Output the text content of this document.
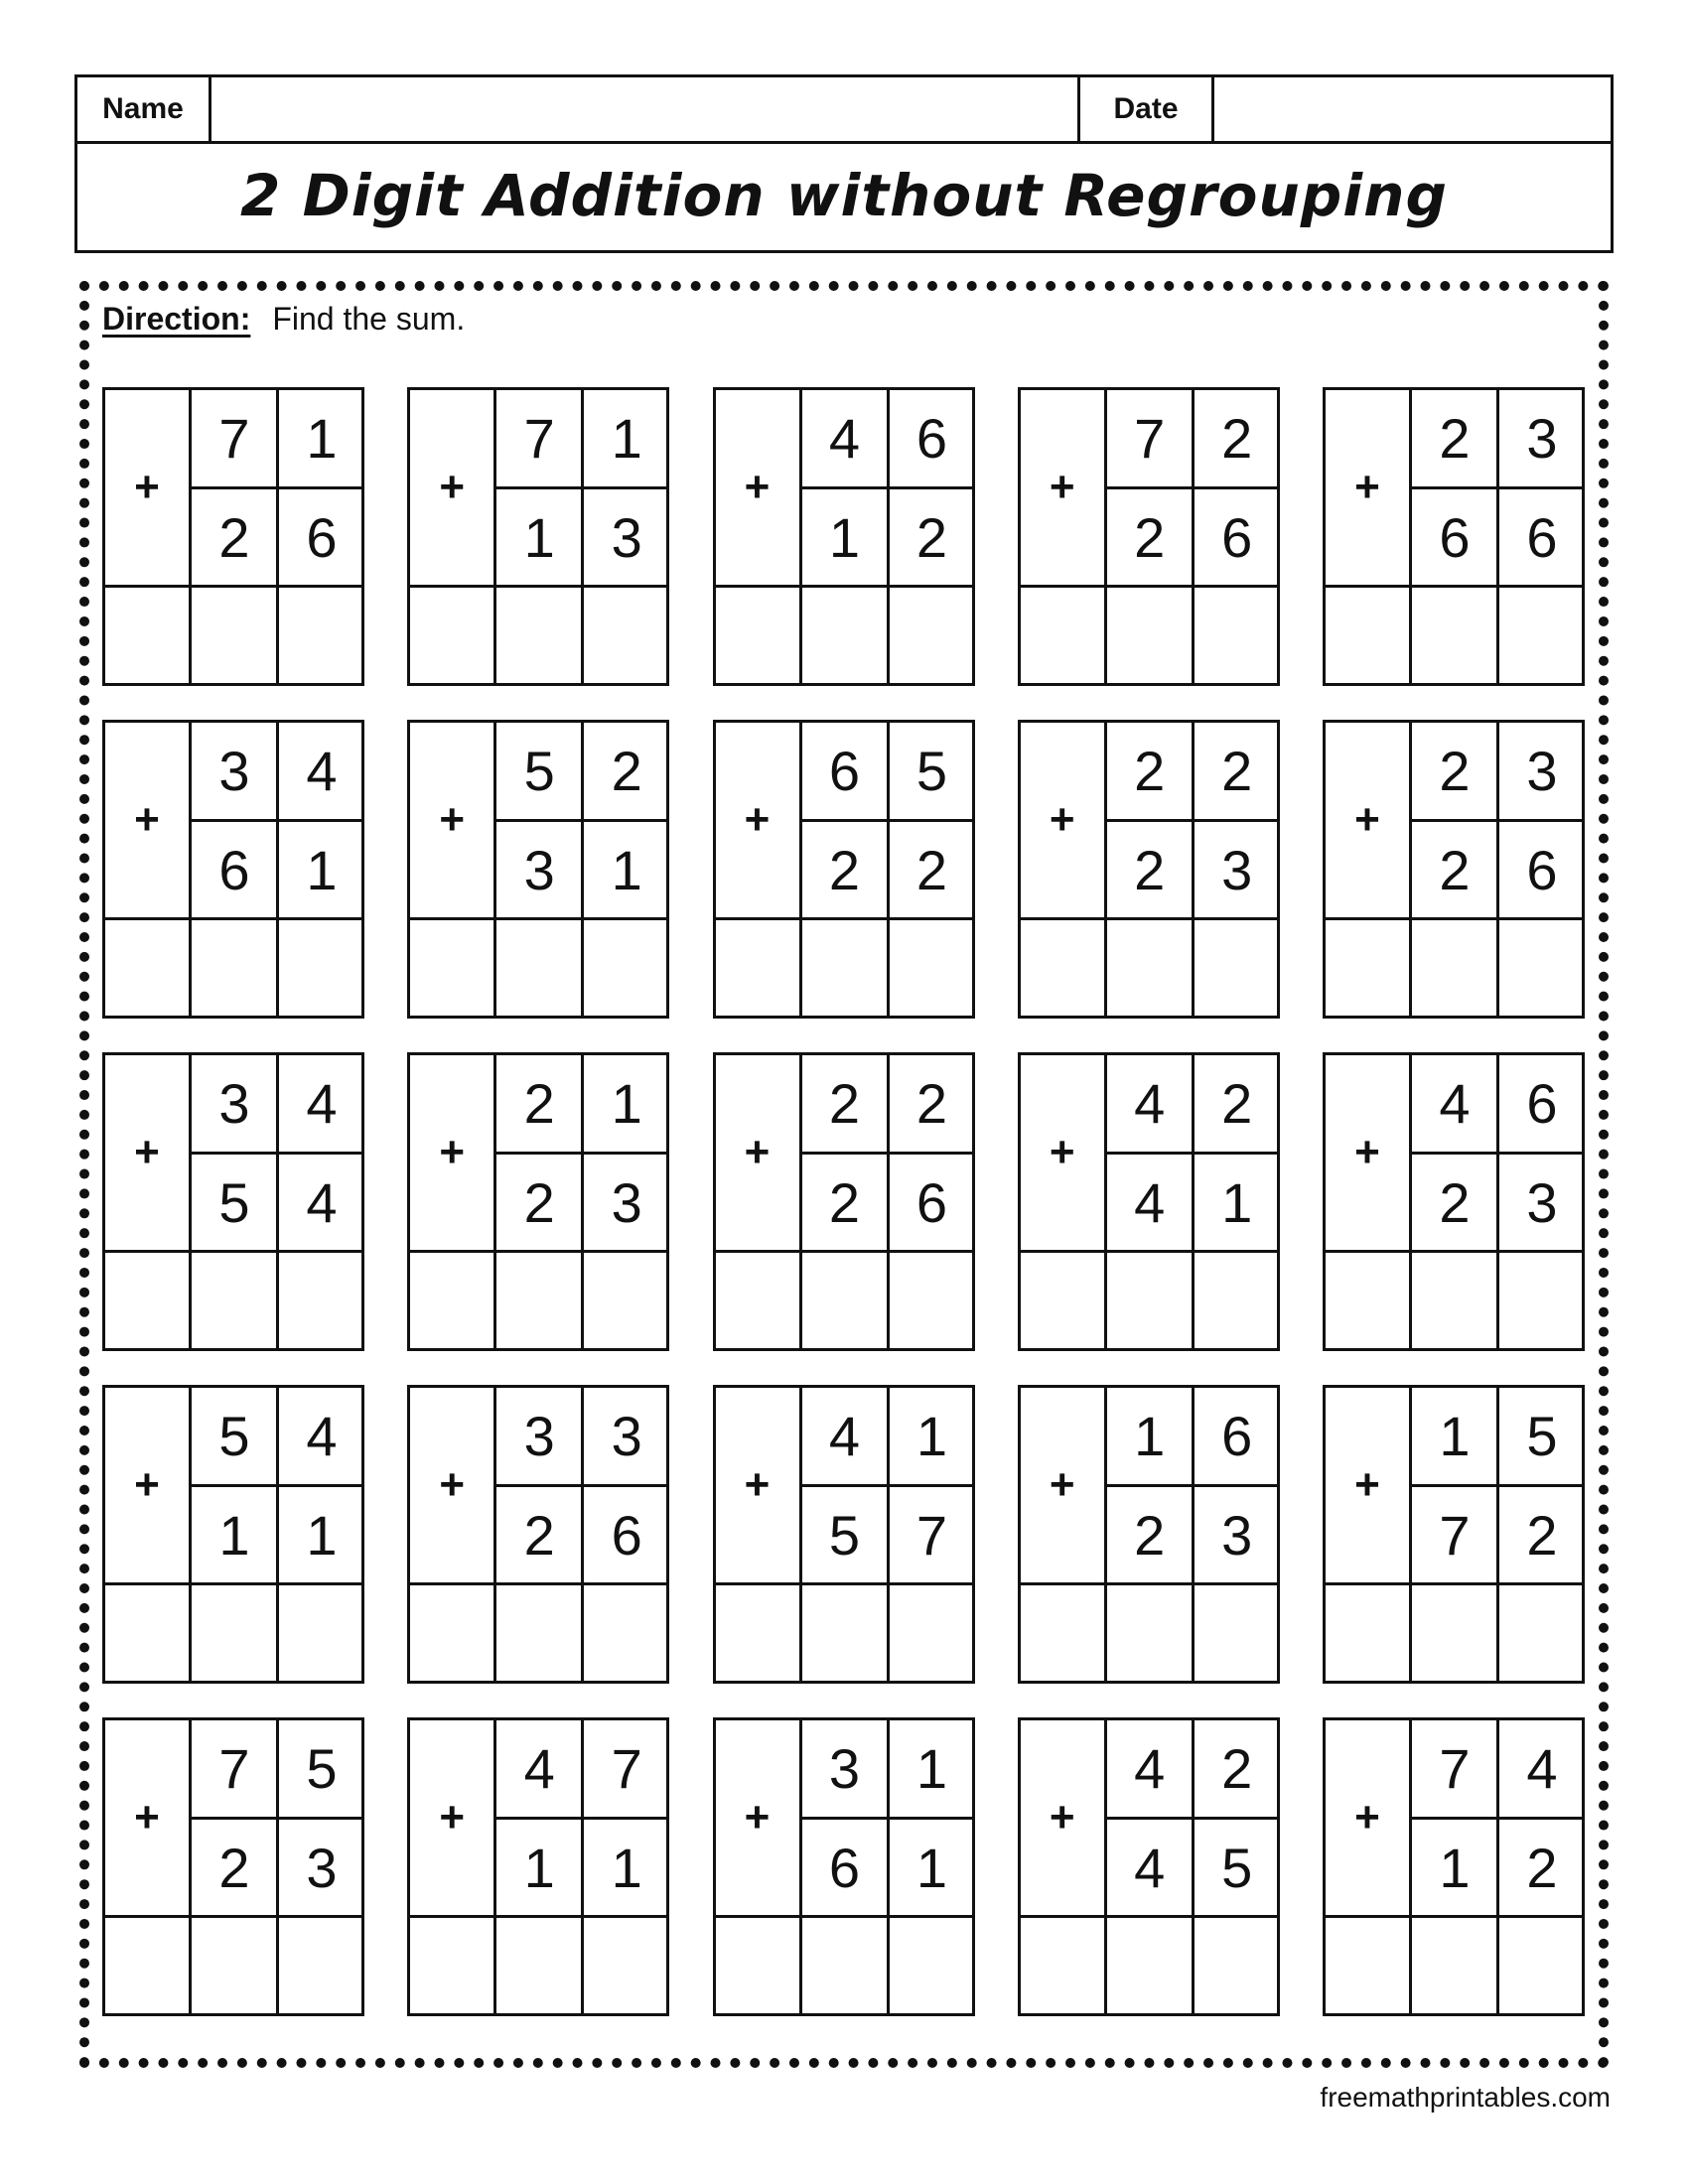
Name	Date
2 Digit Addition without Regrouping
Direction: Find the sum.
+
7	1
2	6
+
7	1
1	3
+
4	6
1	2
+
7	2
2	6
+
2	3
6	6
+
3	4
6	1
+
5	2
3	1
+
6	5
2	2
+
2	2
2	3
+
2	3
2	6
+
3	4
5	4
+
2	1
2	3
+
2	2
2	6
+
4	2
4	1
+
4	6
2	3
+
5	4
1	1
+
3	3
2	6
+
4	1
5	7
+
1	6
2	3
+
1	5
7	2
+
7	5
2	3
+
4	7
1	1
+
3	1
6	1
+
4	2
4	5
+
7	4
1	2
freemathprintables.com
